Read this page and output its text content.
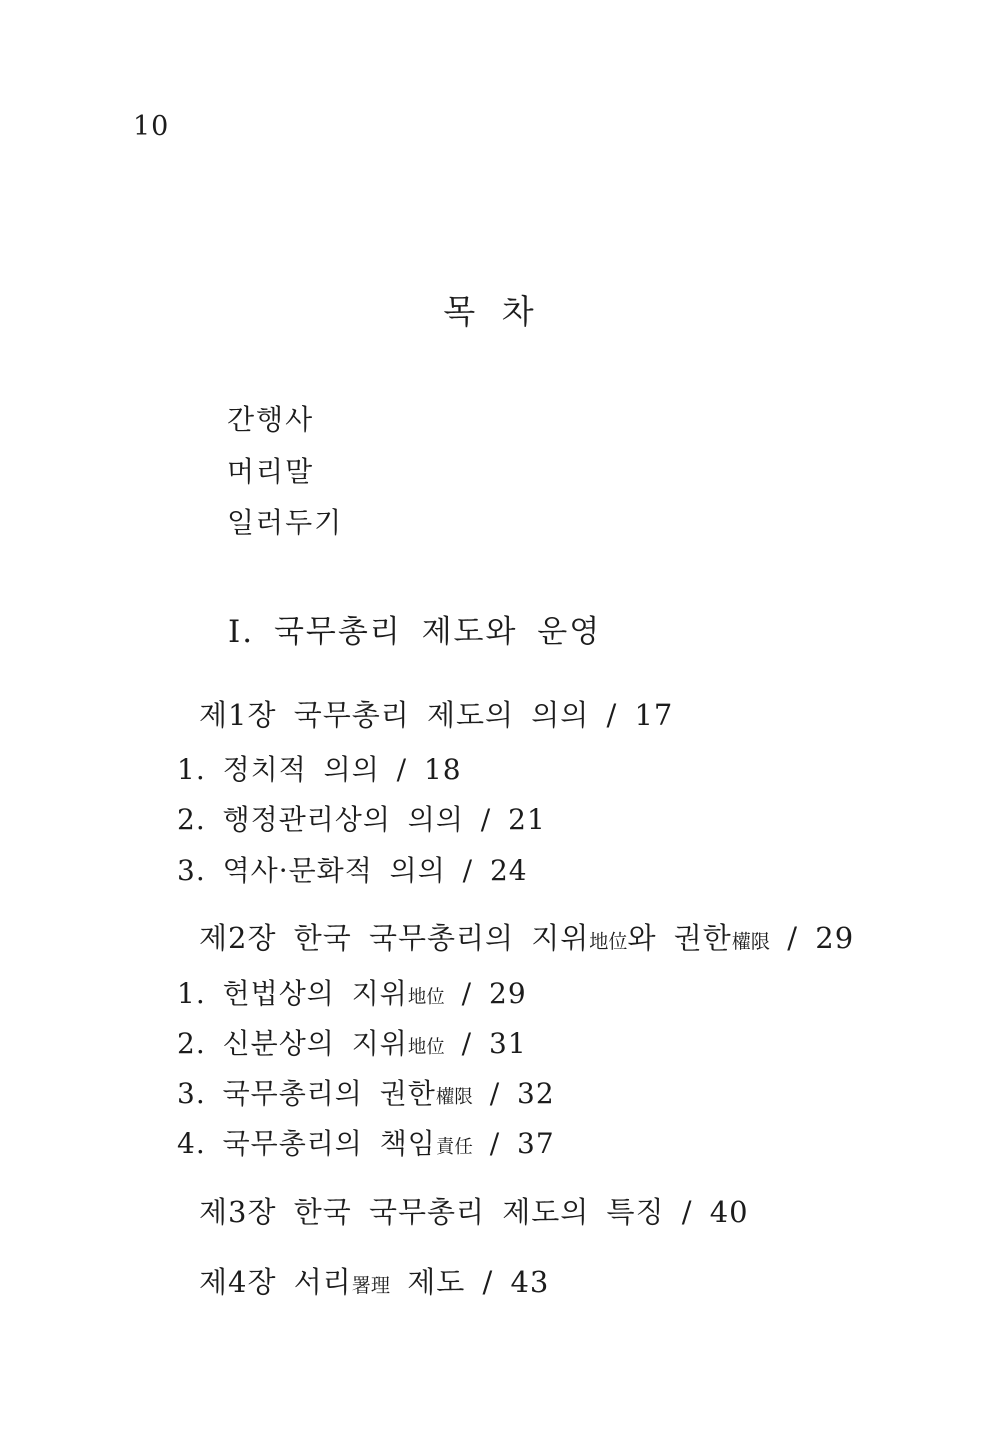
10
목 차
간행사
머리말
일러두기
Ⅰ. 국무총리 제도와 운영
제1장 국무총리 제도의 의의 / 17
1. 정치적 의의 / 18
2. 행정관리상의 의의 / 21
3. 역사·문화적 의의 / 24
제2장 한국 국무총리의 지위地位와 권한權限 / 29
1. 헌법상의 지위地位 / 29
2. 신분상의 지위地位 / 31
3. 국무총리의 권한權限 / 32
4. 국무총리의 책임責任 / 37
제3장 한국 국무총리 제도의 특징 / 40
제4장 서리署理 제도 / 43
